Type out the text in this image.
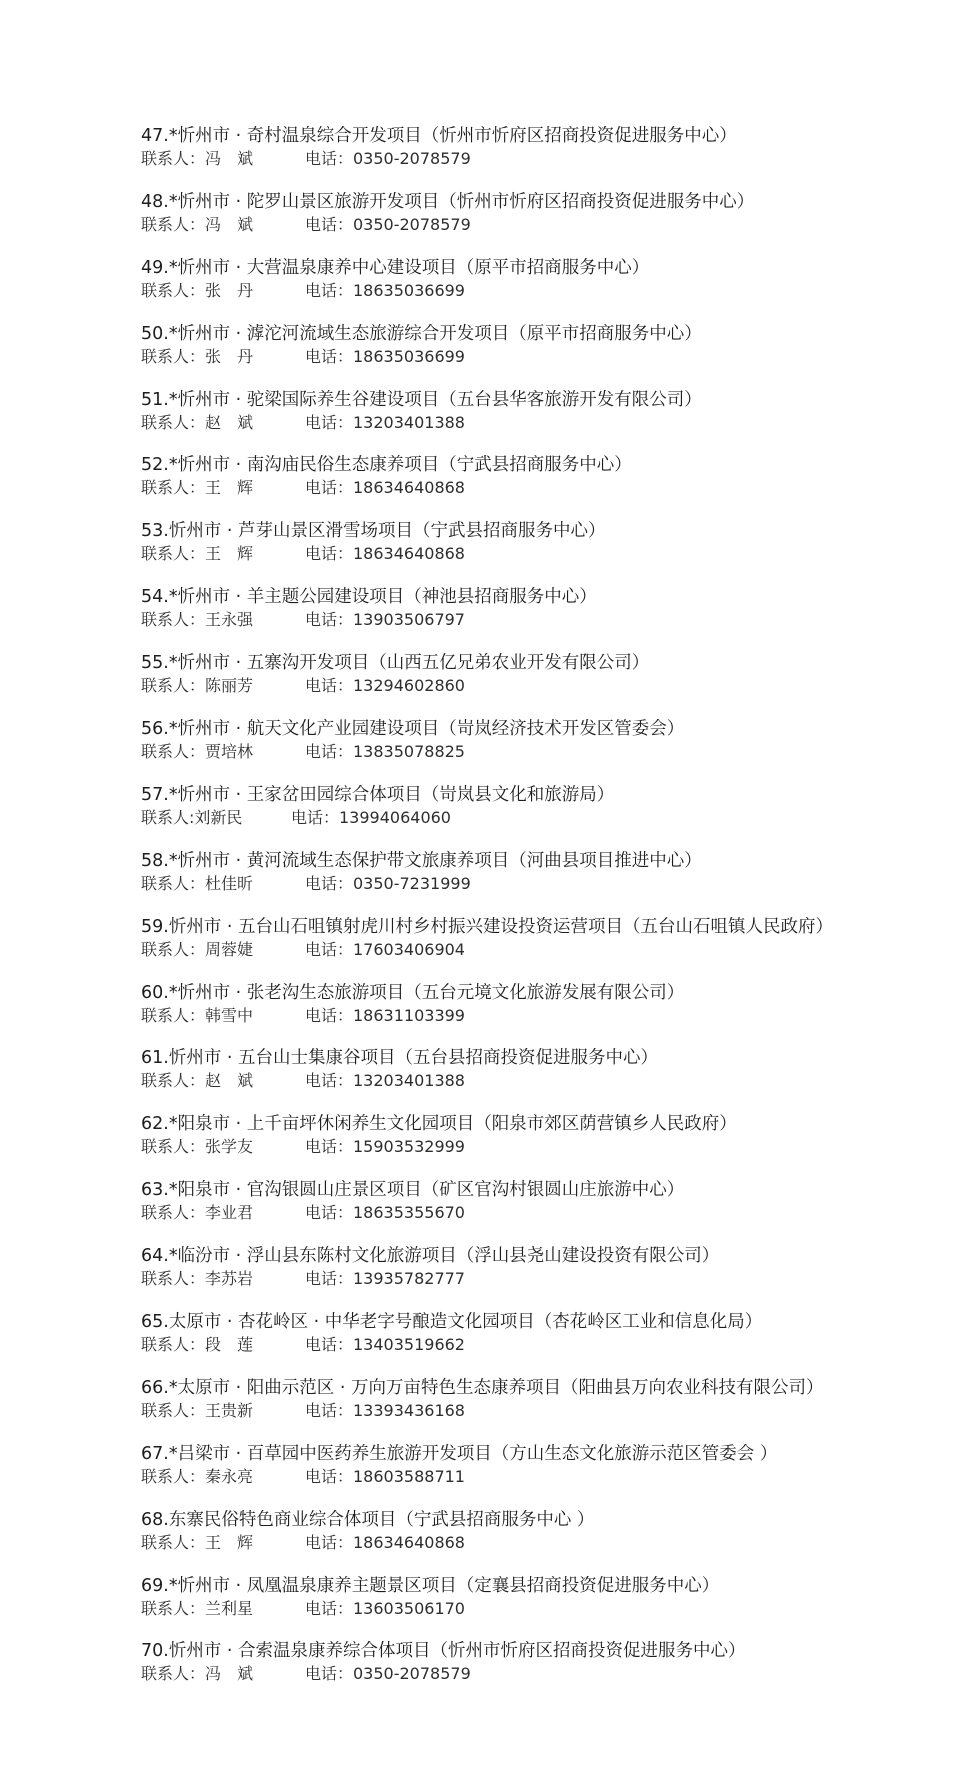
47.*忻州市 · 奇村温泉综合开发项目（忻州市忻府区招商投资促进服务中心）
联系人：冯　斌	电话：0350-2078579
48.*忻州市 · 陀罗山景区旅游开发项目（忻州市忻府区招商投资促进服务中心）
联系人：冯　斌	电话：0350-2078579
49.*忻州市 · 大营温泉康养中心建设项目（原平市招商服务中心）
联系人：张　丹	电话：18635036699
50.*忻州市 · 滹沱河流域生态旅游综合开发项目（原平市招商服务中心）
联系人：张　丹	电话：18635036699
51.*忻州市 · 驼梁国际养生谷建设项目（五台县华客旅游开发有限公司）
联系人：赵　斌	电话：13203401388
52.*忻州市 · 南沟庙民俗生态康养项目（宁武县招商服务中心）
联系人：王　辉	电话：18634640868
53.忻州市 · 芦芽山景区滑雪场项目（宁武县招商服务中心）
联系人：王　辉	电话：18634640868
54.*忻州市 · 羊主题公园建设项目（神池县招商服务中心）
联系人：王永强	电话：13903506797
55.*忻州市 · 五寨沟开发项目（山西五亿兄弟农业开发有限公司）
联系人：陈丽芳	电话：13294602860
56.*忻州市 · 航天文化产业园建设项目（岢岚经济技术开发区管委会）
联系人：贾培林	电话：13835078825
57.*忻州市 · 王家岔田园综合体项目（岢岚县文化和旅游局）
联系人:刘新民	电话：13994064060
58.*忻州市 · 黄河流域生态保护带文旅康养项目（河曲县项目推进中心）
联系人：杜佳昕	电话：0350-7231999
59.忻州市 · 五台山石咀镇射虎川村乡村振兴建设投资运营项目（五台山石咀镇人民政府）
联系人：周蓉婕	电话：17603406904
60.*忻州市 · 张老沟生态旅游项目（五台元境文化旅游发展有限公司）
联系人：韩雪中	电话：18631103399
61.忻州市 · 五台山士集康谷项目（五台县招商投资促进服务中心）
联系人：赵　斌	电话：13203401388
62.*阳泉市 · 上千亩坪休闲养生文化园项目（阳泉市郊区荫营镇乡人民政府）
联系人：张学友	电话：15903532999
63.*阳泉市 · 官沟银圆山庄景区项目（矿区官沟村银圆山庄旅游中心）
联系人：李业君	电话：18635355670
64.*临汾市 · 浮山县东陈村文化旅游项目（浮山县尧山建设投资有限公司）
联系人：李苏岩	电话：13935782777
65.太原市 · 杏花岭区 · 中华老字号酿造文化园项目（杏花岭区工业和信息化局）
联系人：段　莲	电话：13403519662
66.*太原市 · 阳曲示范区 · 万向万亩特色生态康养项目（阳曲县万向农业科技有限公司）
联系人：王贵新	电话：13393436168
67.*吕梁市 · 百草园中医药养生旅游开发项目（方山生态文化旅游示范区管委会 ）
联系人：秦永亮	电话：18603588711
68.东寨民俗特色商业综合体项目（宁武县招商服务中心 ）
联系人：王　辉	电话：18634640868
69.*忻州市 · 凤凰温泉康养主题景区项目（定襄县招商投资促进服务中心）
联系人：兰利星	电话：13603506170
70.忻州市 · 合索温泉康养综合体项目（忻州市忻府区招商投资促进服务中心）
联系人：冯　斌	电话：0350-2078579
